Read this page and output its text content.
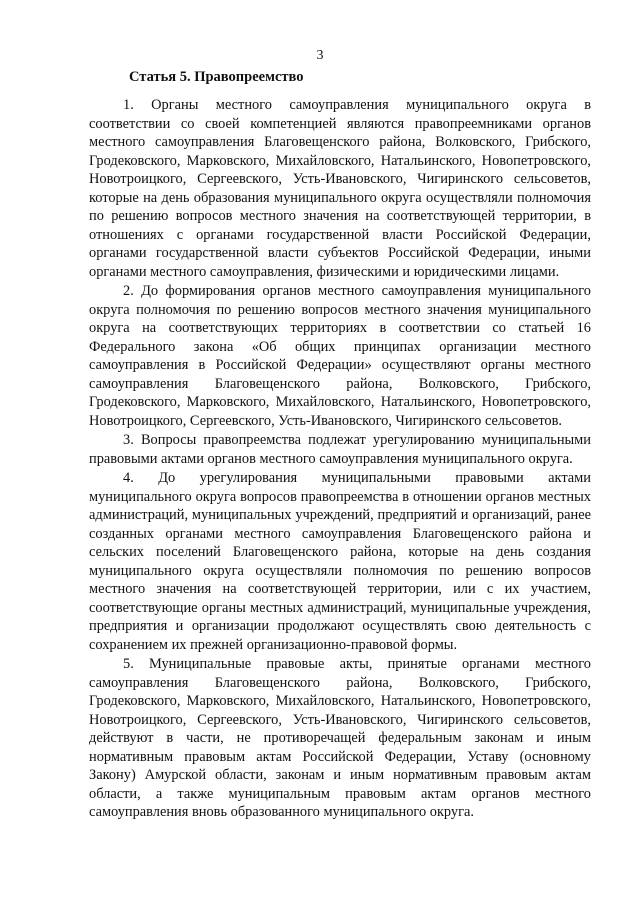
3
Статья 5. Правопреемство

1. Органы местного самоуправления муниципального округа в соответствии со своей компетенцией являются правопреемниками органов местного самоуправления Благовещенского района, Волковского, Грибского, Гродековского, Марковского, Михайловского, Натальинского, Новопетровского, Новотроицкого, Сергеевского, Усть-Ивановского, Чигиринского сельсоветов, которые на день образования муниципального округа осуществляли полномочия по решению вопросов местного значения на соответствующей территории, в отношениях с органами государственной власти Российской Федерации, органами государственной власти субъектов Российской Федерации, иными органами местного самоуправления, физическими и юридическими лицами.

2. До формирования органов местного самоуправления муниципального округа полномочия по решению вопросов местного значения муниципального округа на соответствующих территориях в соответствии со статьей 16 Федерального закона «Об общих принципах организации местного самоуправления в Российской Федерации» осуществляют органы местного самоуправления Благовещенского района, Волковского, Грибского, Гродековского, Марковского, Михайловского, Натальинского, Новопетровского, Новотроицкого, Сергеевского, Усть-Ивановского, Чигиринского сельсоветов.

3. Вопросы правопреемства подлежат урегулированию муниципальными правовыми актами органов местного самоуправления муниципального округа.

4. До урегулирования муниципальными правовыми актами муниципального округа вопросов правопреемства в отношении органов местных администраций, муниципальных учреждений, предприятий и организаций, ранее созданных органами местного самоуправления Благовещенского района и сельских поселений Благовещенского района, которые на день создания муниципального округа осуществляли полномочия по решению вопросов местного значения на соответствующей территории, или с их участием, соответствующие органы местных администраций, муниципальные учреждения, предприятия и организации продолжают осуществлять свою деятельность с сохранением их прежней организационно-правовой формы.

5. Муниципальные правовые акты, принятые органами местного самоуправления Благовещенского района, Волковского, Грибского, Гродековского, Марковского, Михайловского, Натальинского, Новопетровского, Новотроицкого, Сергеевского, Усть-Ивановского, Чигиринского сельсоветов, действуют в части, не противоречащей федеральным законам и иным нормативным правовым актам Российской Федерации, Уставу (основному Закону) Амурской области, законам и иным нормативным правовым актам области, а также муниципальным правовым актам органов местного самоуправления вновь образованного муниципального округа.
